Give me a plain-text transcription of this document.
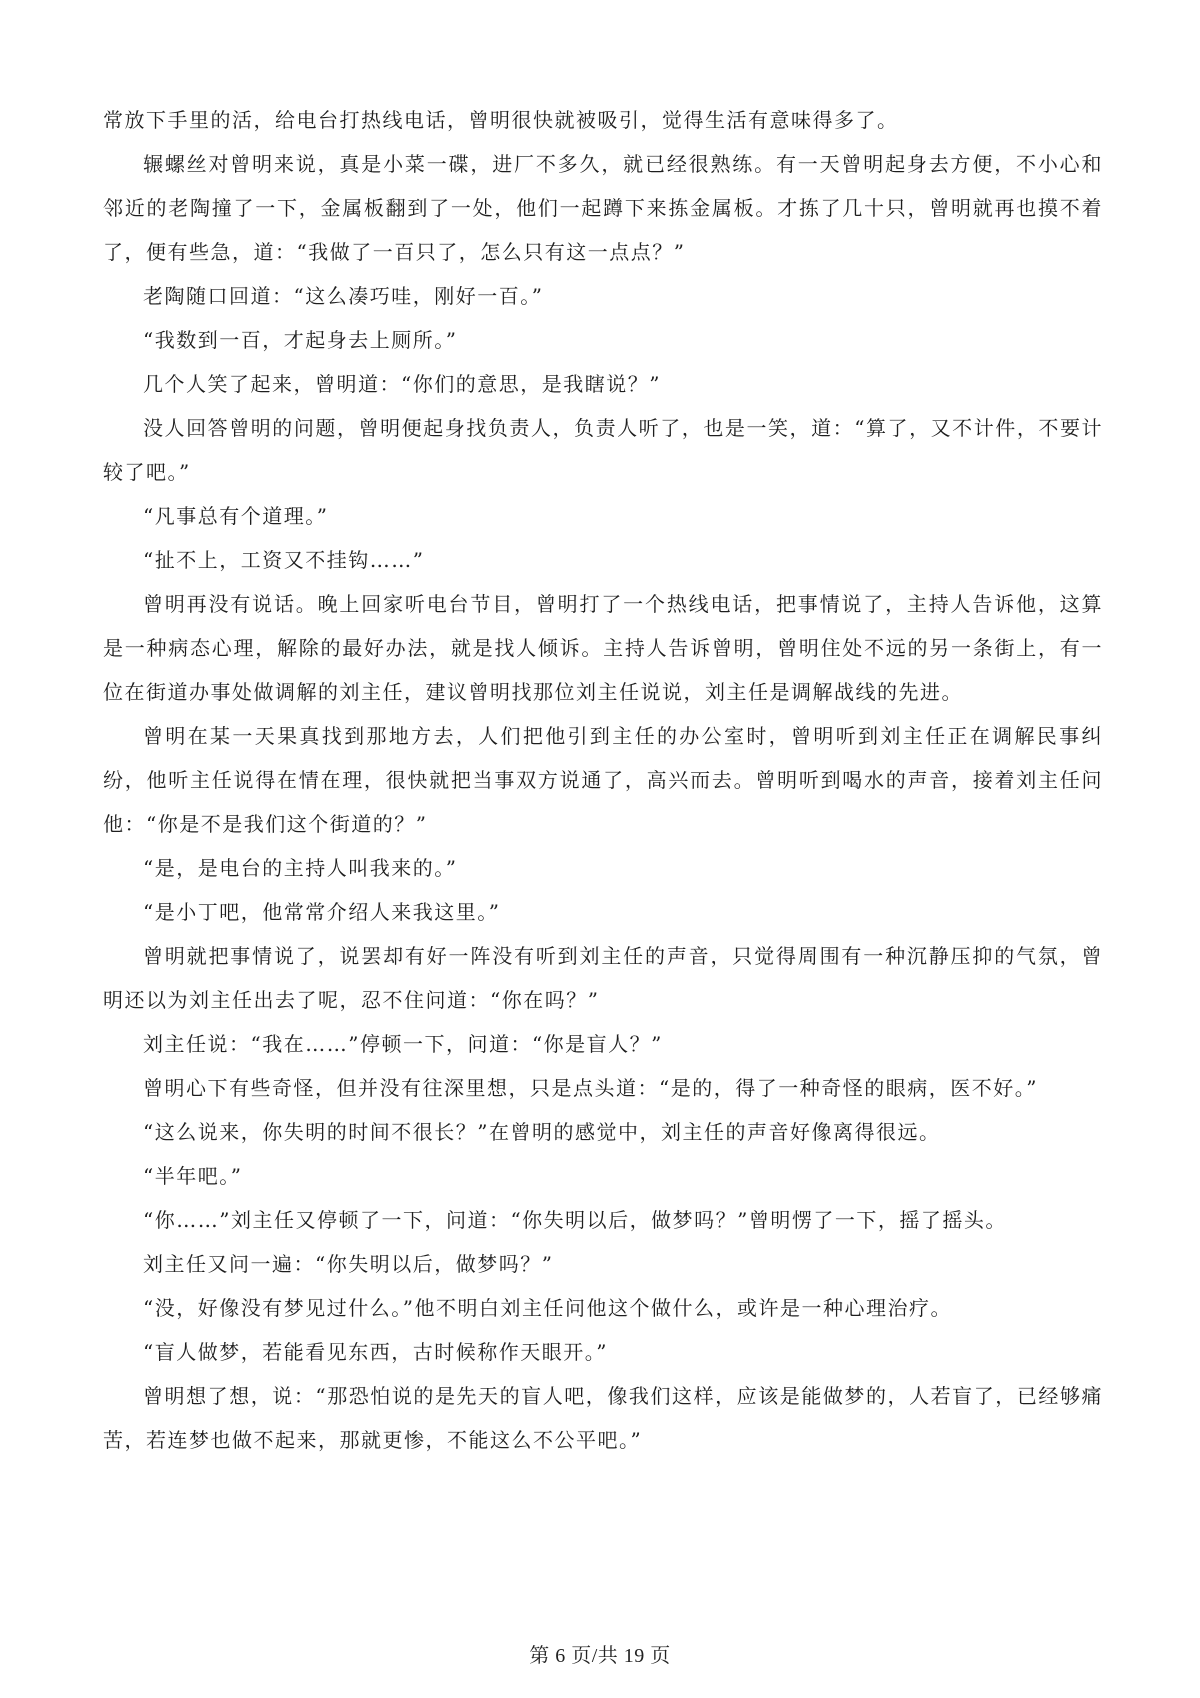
常放下手里的活，给电台打热线电话，曾明很快就被吸引，觉得生活有意味得多了。

辗螺丝对曾明来说，真是小菜一碟，进厂不多久，就已经很熟练。有一天曾明起身去方便，不小心和邻近的老陶撞了一下，金属板翻到了一处，他们一起蹲下来拣金属板。才拣了几十只，曾明就再也摸不着了，便有些急，道：“我做了一百只了，怎么只有这一点点？”

老陶随口回道：“这么凑巧哇，刚好一百。”

“我数到一百，才起身去上厕所。”

几个人笑了起来，曾明道：“你们的意思，是我瞎说？”

没人回答曾明的问题，曾明便起身找负责人，负责人听了，也是一笑，道：“算了，又不计件，不要计较了吧。”

“凡事总有个道理。”

“扯不上，工资又不挂钩……”

曾明再没有说话。晚上回家听电台节目，曾明打了一个热线电话，把事情说了，主持人告诉他，这算是一种病态心理，解除的最好办法，就是找人倾诉。主持人告诉曾明，曾明住处不远的另一条街上，有一位在街道办事处做调解的刘主任，建议曾明找那位刘主任说说，刘主任是调解战线的先进。

曾明在某一天果真找到那地方去，人们把他引到主任的办公室时，曾明听到刘主任正在调解民事纠纷，他听主任说得在情在理，很快就把当事双方说通了，高兴而去。曾明听到喝水的声音，接着刘主任问他：“你是不是我们这个街道的？”

“是，是电台的主持人叫我来的。”

“是小丁吧，他常常介绍人来我这里。”

曾明就把事情说了，说罢却有好一阵没有听到刘主任的声音，只觉得周围有一种沉静压抑的气氛，曾明还以为刘主任出去了呢，忍不住问道：“你在吗？”

刘主任说：“我在……”停顿一下，问道：“你是盲人？”

曾明心下有些奇怪，但并没有往深里想，只是点头道：“是的，得了一种奇怪的眼病，医不好。”

“这么说来，你失明的时间不很长？”在曾明的感觉中，刘主任的声音好像离得很远。

“半年吧。”

“你……”刘主任又停顿了一下，问道：“你失明以后，做梦吗？”曾明愣了一下，摇了摇头。

刘主任又问一遍：“你失明以后，做梦吗？”

“没，好像没有梦见过什么。”他不明白刘主任问他这个做什么，或许是一种心理治疗。

“盲人做梦，若能看见东西，古时候称作天眼开。”

曾明想了想，说：“那恐怕说的是先天的盲人吧，像我们这样，应该是能做梦的，人若盲了，已经够痛苦，若连梦也做不起来，那就更惨，不能这么不公平吧。”

第 6 页/共 19 页
